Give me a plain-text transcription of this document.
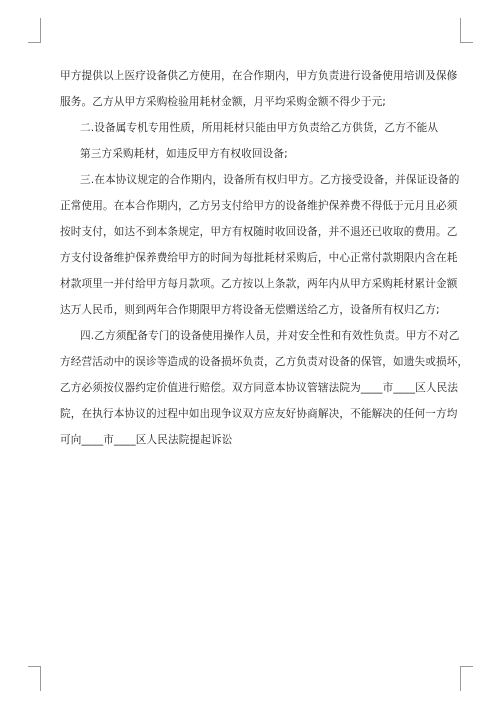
甲方提供以上医疗设备供乙方使用，在合作期内，甲方负责进行设备使用培训及保修
服务。乙方从甲方采购检验用耗材金额，月平均采购金额不得少于元;
二.设备属专机专用性质，所用耗材只能由甲方负责给乙方供货，乙方不能从
第三方采购耗材，如违反甲方有权收回设备;
三.在本协议规定的合作期内，设备所有权归甲方。乙方接受设备，并保证设备的
正常使用。在本合作期内，乙方另支付给甲方的设备维护保养费不得低于元月且必须
按时支付，如达不到本条规定，甲方有权随时收回设备，并不退还已收取的费用。乙
方支付设备维护保养费给甲方的时间为每批耗材采购后，中心正常付款期限内含在耗
材款项里一并付给甲方每月款项。乙方按以上条款，两年内从甲方采购耗材累计金额
达万人民币，则到两年合作期限甲方将设备无偿赠送给乙方，设备所有权归乙方;
四.乙方须配备专门的设备使用操作人员，并对安全性和有效性负责。甲方不对乙
方经营活动中的误诊等造成的设备损坏负责，乙方负责对设备的保管，如遗失或损坏，
乙方必须按仪器约定价值进行赔偿。双方同意本协议管辖法院为____市____区人民法
院，在执行本协议的过程中如出现争议双方应友好协商解决，不能解决的任何一方均
可向____市____区人民法院提起诉讼
